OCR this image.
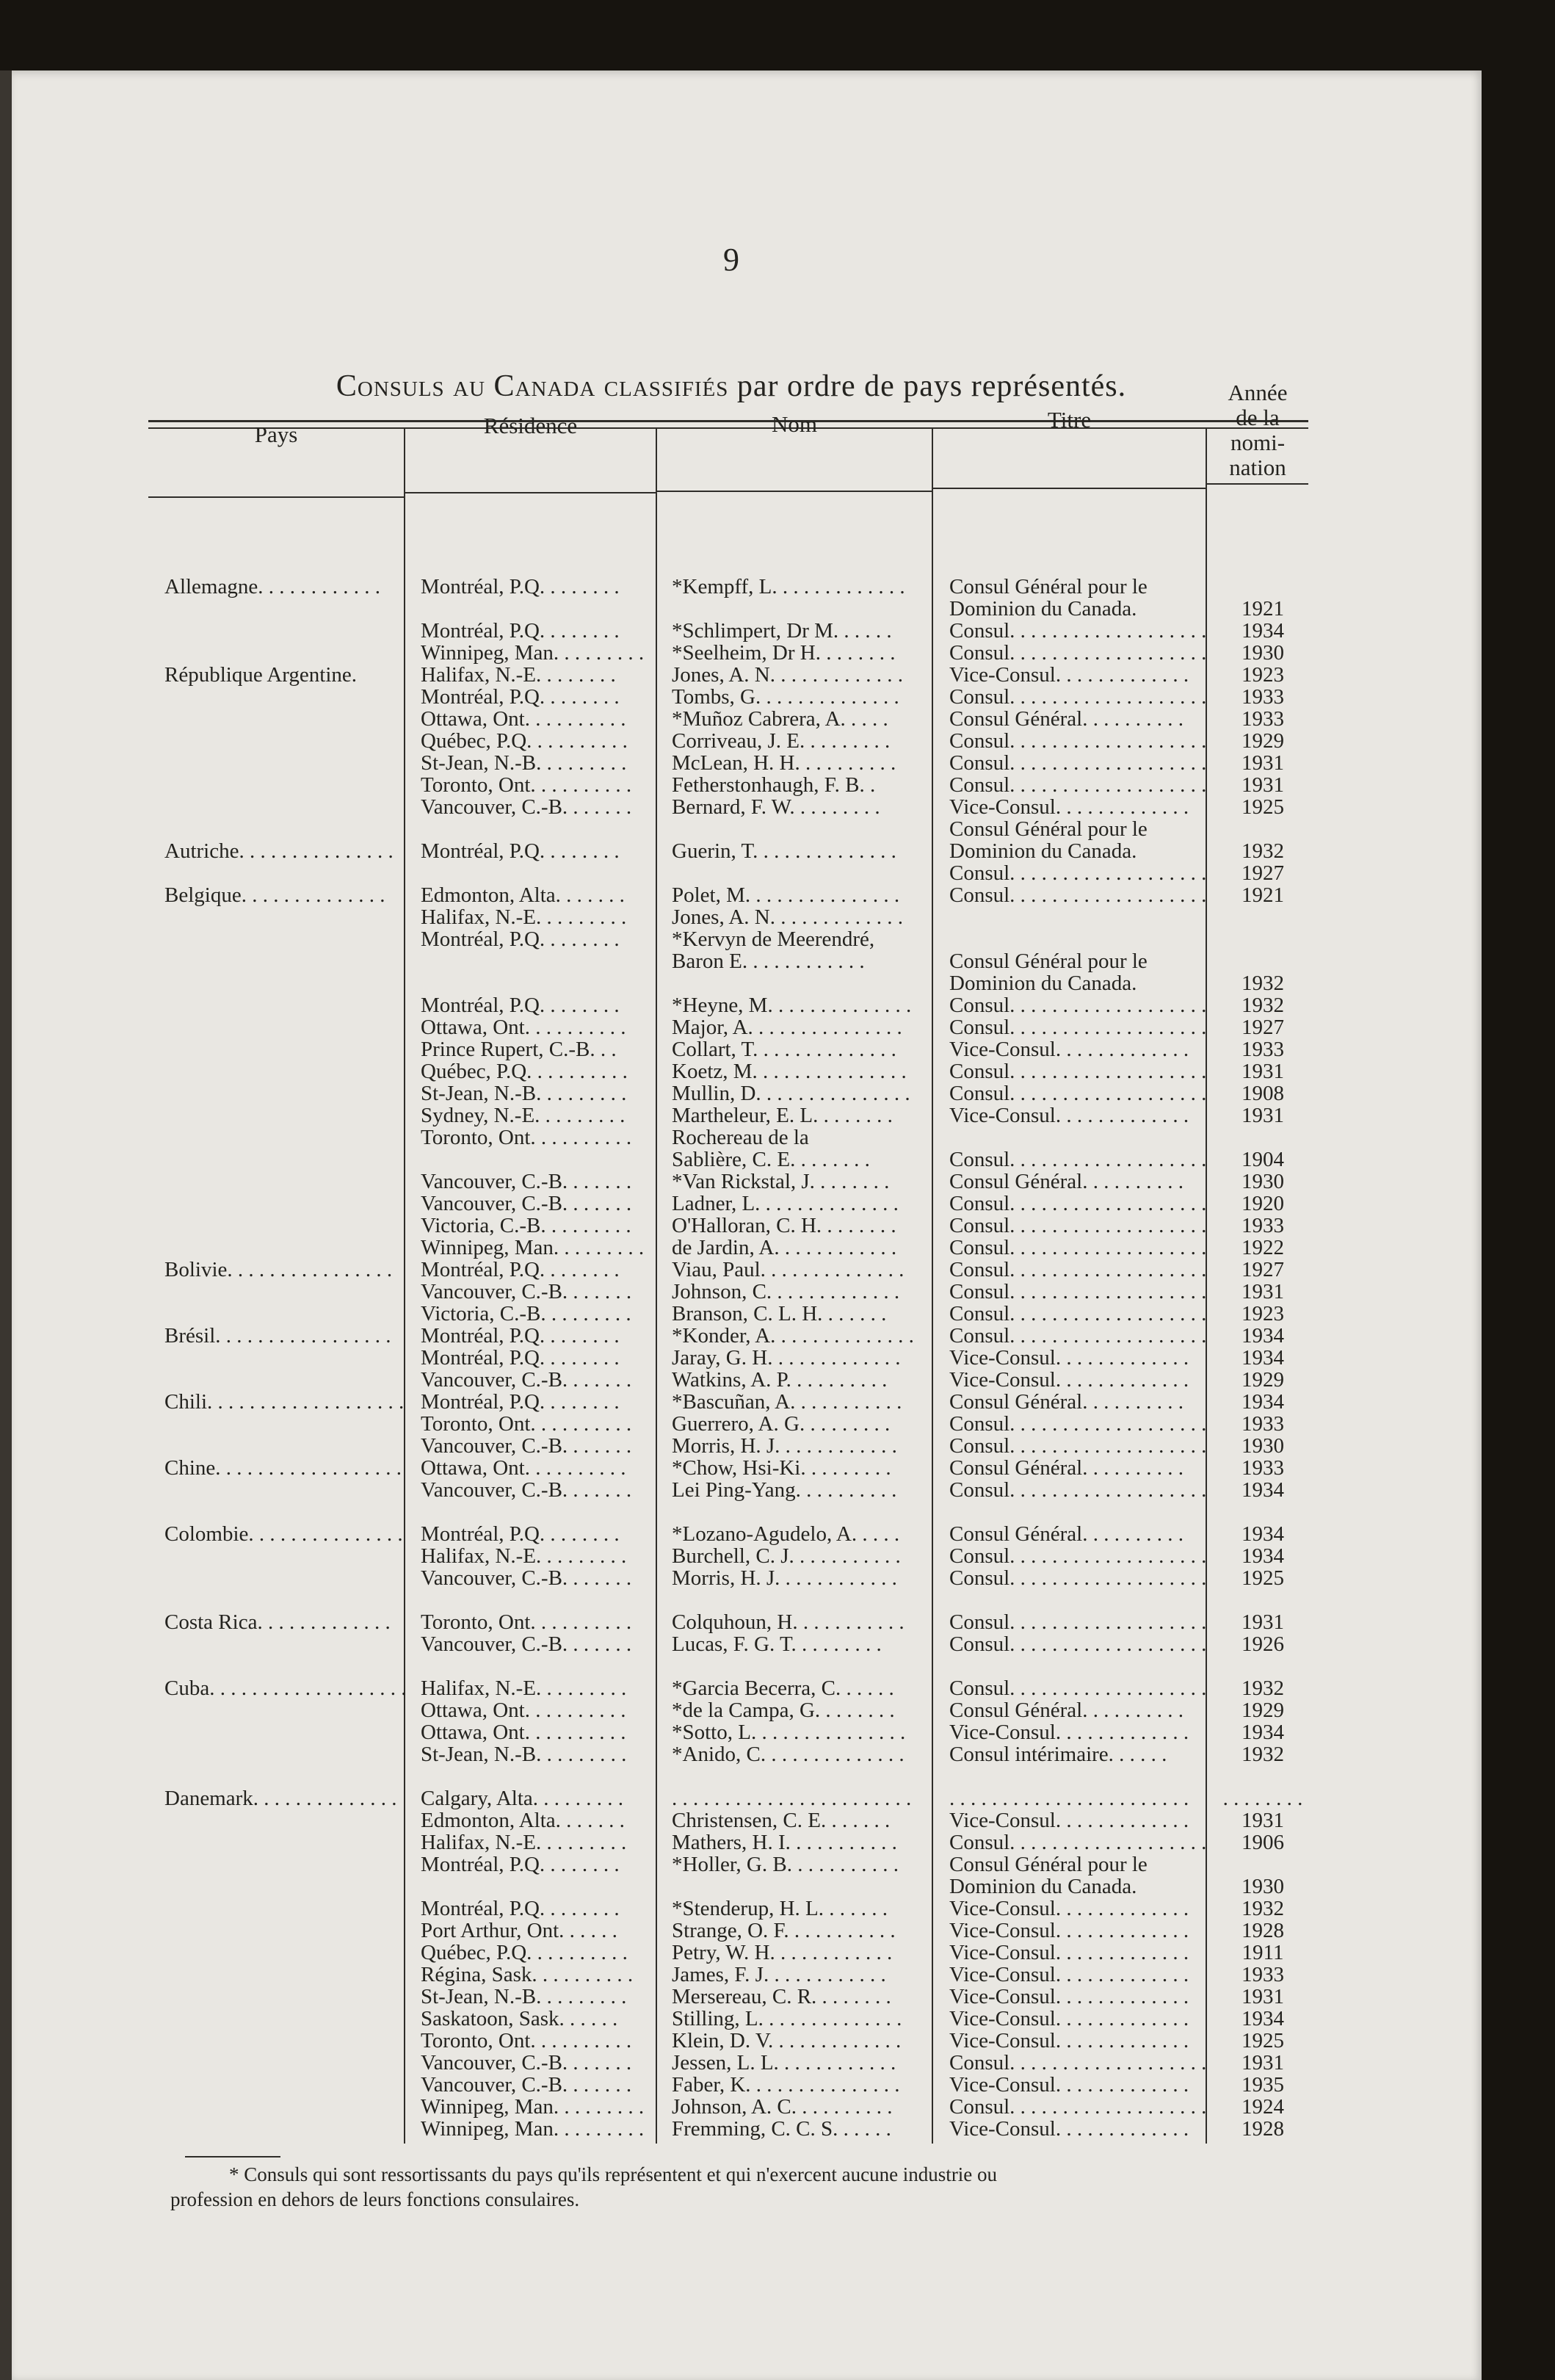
9
Consuls au Canada classifiés par ordre de pays représentés.
Pays	Résidence	Nom	Titre
Année
de la
nomi-
nation
Allemagne. . . . . . . . . . . .	Montréal, P.Q. . . . . . . .	*Kempff, L. . . . . . . . . . . . .	Consul Général pour le	
			Dominion du Canada.	1921
	Montréal, P.Q. . . . . . . .	*Schlimpert, Dr M. . . . . .	Consul. . . . . . . . . . . . . . . . . . .	1934
	Winnipeg, Man. . . . . . . . .	*Seelheim, Dr H. . . . . . . .	Consul. . . . . . . . . . . . . . . . . . .	1930
République Argentine.	Halifax, N.-E. . . . . . . .	Jones, A. N. . . . . . . . . . . . .	Vice-Consul. . . . . . . . . . . . .	1923
	Montréal, P.Q. . . . . . . .	Tombs, G. . . . . . . . . . . . . .	Consul. . . . . . . . . . . . . . . . . . .	1933
	Ottawa, Ont. . . . . . . . . .	*Muñoz Cabrera, A. . . . .	Consul Général. . . . . . . . . .	1933
	Québec, P.Q. . . . . . . . . .	Corriveau, J. E. . . . . . . . .	Consul. . . . . . . . . . . . . . . . . . .	1929
	St-Jean, N.-B. . . . . . . . .	McLean, H. H. . . . . . . . . .	Consul. . . . . . . . . . . . . . . . . . .	1931
	Toronto, Ont. . . . . . . . . .	Fetherstonhaugh, F. B. .	Consul. . . . . . . . . . . . . . . . . . .	1931
	Vancouver, C.-B. . . . . . .	Bernard, F. W. . . . . . . . .	Vice-Consul. . . . . . . . . . . . .	1925
			Consul Général pour le	
Autriche. . . . . . . . . . . . . . .	Montréal, P.Q. . . . . . . .	Guerin, T. . . . . . . . . . . . . .	Dominion du Canada.	1932
			Consul. . . . . . . . . . . . . . . . . . .	1927
Belgique. . . . . . . . . . . . . .	Edmonton, Alta. . . . . . .	Polet, M. . . . . . . . . . . . . . .	Consul. . . . . . . . . . . . . . . . . . .	1921
	Halifax, N.-E. . . . . . . . .	Jones, A. N. . . . . . . . . . . . .		
	Montréal, P.Q. . . . . . . .	*Kervyn de Meerendré,		
		Baron E. . . . . . . . . . . .	Consul Général pour le	
			Dominion du Canada.	1932
	Montréal, P.Q. . . . . . . .	*Heyne, M. . . . . . . . . . . . . .	Consul. . . . . . . . . . . . . . . . . . .	1932
	Ottawa, Ont. . . . . . . . . .	Major, A. . . . . . . . . . . . . . .	Consul. . . . . . . . . . . . . . . . . . .	1927
	Prince Rupert, C.-B. . .	Collart, T. . . . . . . . . . . . . .	Vice-Consul. . . . . . . . . . . . .	1933
	Québec, P.Q. . . . . . . . . .	Koetz, M. . . . . . . . . . . . . . .	Consul. . . . . . . . . . . . . . . . . . .	1931
	St-Jean, N.-B. . . . . . . . .	Mullin, D. . . . . . . . . . . . . . .	Consul. . . . . . . . . . . . . . . . . . .	1908
	Sydney, N.-E. . . . . . . . .	Martheleur, E. L. . . . . . . .	Vice-Consul. . . . . . . . . . . . .	1931
	Toronto, Ont. . . . . . . . . .	Rochereau de la		
		Sablière, C. E. . . . . . . .	Consul. . . . . . . . . . . . . . . . . . .	1904
	Vancouver, C.-B. . . . . . .	*Van Rickstal, J. . . . . . . .	Consul Général. . . . . . . . . .	1930
	Vancouver, C.-B. . . . . . .	Ladner, L. . . . . . . . . . . . . .	Consul. . . . . . . . . . . . . . . . . . .	1920
	Victoria, C.-B. . . . . . . . .	O'Halloran, C. H. . . . . . . .	Consul. . . . . . . . . . . . . . . . . . .	1933
	Winnipeg, Man. . . . . . . . .	de Jardin, A. . . . . . . . . . . .	Consul. . . . . . . . . . . . . . . . . . .	1922
Bolivie. . . . . . . . . . . . . . . .	Montréal, P.Q. . . . . . . .	Viau, Paul. . . . . . . . . . . . . .	Consul. . . . . . . . . . . . . . . . . . .	1927
	Vancouver, C.-B. . . . . . .	Johnson, C. . . . . . . . . . . . .	Consul. . . . . . . . . . . . . . . . . . .	1931
	Victoria, C.-B. . . . . . . . .	Branson, C. L. H. . . . . . .	Consul. . . . . . . . . . . . . . . . . . .	1923
Brésil. . . . . . . . . . . . . . . . .	Montréal, P.Q. . . . . . . .	*Konder, A. . . . . . . . . . . . . .	Consul. . . . . . . . . . . . . . . . . . .	1934
	Montréal, P.Q. . . . . . . .	Jaray, G. H. . . . . . . . . . . . .	Vice-Consul. . . . . . . . . . . . .	1934
	Vancouver, C.-B. . . . . . .	Watkins, A. P. . . . . . . . . .	Vice-Consul. . . . . . . . . . . . .	1929
Chili. . . . . . . . . . . . . . . . . . .	Montréal, P.Q. . . . . . . .	*Bascuñan, A. . . . . . . . . . .	Consul Général. . . . . . . . . .	1934
	Toronto, Ont. . . . . . . . . .	Guerrero, A. G. . . . . . . . .	Consul. . . . . . . . . . . . . . . . . . .	1933
	Vancouver, C.-B. . . . . . .	Morris, H. J. . . . . . . . . . . .	Consul. . . . . . . . . . . . . . . . . . .	1930
Chine. . . . . . . . . . . . . . . . . .	Ottawa, Ont. . . . . . . . . .	*Chow, Hsi-Ki. . . . . . . . .	Consul Général. . . . . . . . . .	1933
	Vancouver, C.-B. . . . . . .	Lei Ping-Yang. . . . . . . . . .	Consul. . . . . . . . . . . . . . . . . . .	1934

Colombie. . . . . . . . . . . . . . .	Montréal, P.Q. . . . . . . .	*Lozano-Agudelo, A. . . . .	Consul Général. . . . . . . . . .	1934
	Halifax, N.-E. . . . . . . . .	Burchell, C. J. . . . . . . . . . .	Consul. . . . . . . . . . . . . . . . . . .	1934
	Vancouver, C.-B. . . . . . .	Morris, H. J. . . . . . . . . . . .	Consul. . . . . . . . . . . . . . . . . . .	1925

Costa Rica. . . . . . . . . . . . .	Toronto, Ont. . . . . . . . . .	Colquhoun, H. . . . . . . . . . .	Consul. . . . . . . . . . . . . . . . . . .	1931
	Vancouver, C.-B. . . . . . .	Lucas, F. G. T. . . . . . . . .	Consul. . . . . . . . . . . . . . . . . . .	1926

Cuba. . . . . . . . . . . . . . . . . . .	Halifax, N.-E. . . . . . . . .	*Garcia Becerra, C. . . . . .	Consul. . . . . . . . . . . . . . . . . . .	1932
	Ottawa, Ont. . . . . . . . . .	*de la Campa, G. . . . . . . .	Consul Général. . . . . . . . . .	1929
	Ottawa, Ont. . . . . . . . . .	*Sotto, L. . . . . . . . . . . . . . .	Vice-Consul. . . . . . . . . . . . .	1934
	St-Jean, N.-B. . . . . . . . .	*Anido, C. . . . . . . . . . . . . .	Consul intérimaire. . . . . .	1932

Danemark. . . . . . . . . . . . . .	Calgary, Alta. . . . . . . . .	. . . . . . . . . . . . . . . . . . . . . . .	. . . . . . . . . . . . . . . . . . . . . . .	. . . . . . . .
	Edmonton, Alta. . . . . . .	Christensen, C. E. . . . . . .	Vice-Consul. . . . . . . . . . . . .	1931
	Halifax, N.-E. . . . . . . . .	Mathers, H. I. . . . . . . . . . .	Consul. . . . . . . . . . . . . . . . . . .	1906
	Montréal, P.Q. . . . . . . .	*Holler, G. B. . . . . . . . . . .	Consul Général pour le	
			Dominion du Canada.	1930
	Montréal, P.Q. . . . . . . .	*Stenderup, H. L. . . . . . .	Vice-Consul. . . . . . . . . . . . .	1932
	Port Arthur, Ont. . . . . .	Strange, O. F. . . . . . . . . . .	Vice-Consul. . . . . . . . . . . . .	1928
	Québec, P.Q. . . . . . . . . .	Petry, W. H. . . . . . . . . . . .	Vice-Consul. . . . . . . . . . . . .	1911
	Régina, Sask. . . . . . . . . .	James, F. J. . . . . . . . . . . .	Vice-Consul. . . . . . . . . . . . .	1933
	St-Jean, N.-B. . . . . . . . .	Mersereau, C. R. . . . . . . .	Vice-Consul. . . . . . . . . . . . .	1931
	Saskatoon, Sask. . . . . .	Stilling, L. . . . . . . . . . . . . .	Vice-Consul. . . . . . . . . . . . .	1934
	Toronto, Ont. . . . . . . . . .	Klein, D. V. . . . . . . . . . . . .	Vice-Consul. . . . . . . . . . . . .	1925
	Vancouver, C.-B. . . . . . .	Jessen, L. L. . . . . . . . . . . .	Consul. . . . . . . . . . . . . . . . . . .	1931
	Vancouver, C.-B. . . . . . .	Faber, K. . . . . . . . . . . . . . .	Vice-Consul. . . . . . . . . . . . .	1935
	Winnipeg, Man. . . . . . . . .	Johnson, A. C. . . . . . . . . .	Consul. . . . . . . . . . . . . . . . . . .	1924
	Winnipeg, Man. . . . . . . . .	Fremming, C. C. S. . . . . .	Vice-Consul. . . . . . . . . . . . .	1928
* Consuls qui sont ressortissants du pays qu'ils représentent et qui n'exercent aucune industrie ou
profession en dehors de leurs fonctions consulaires.
